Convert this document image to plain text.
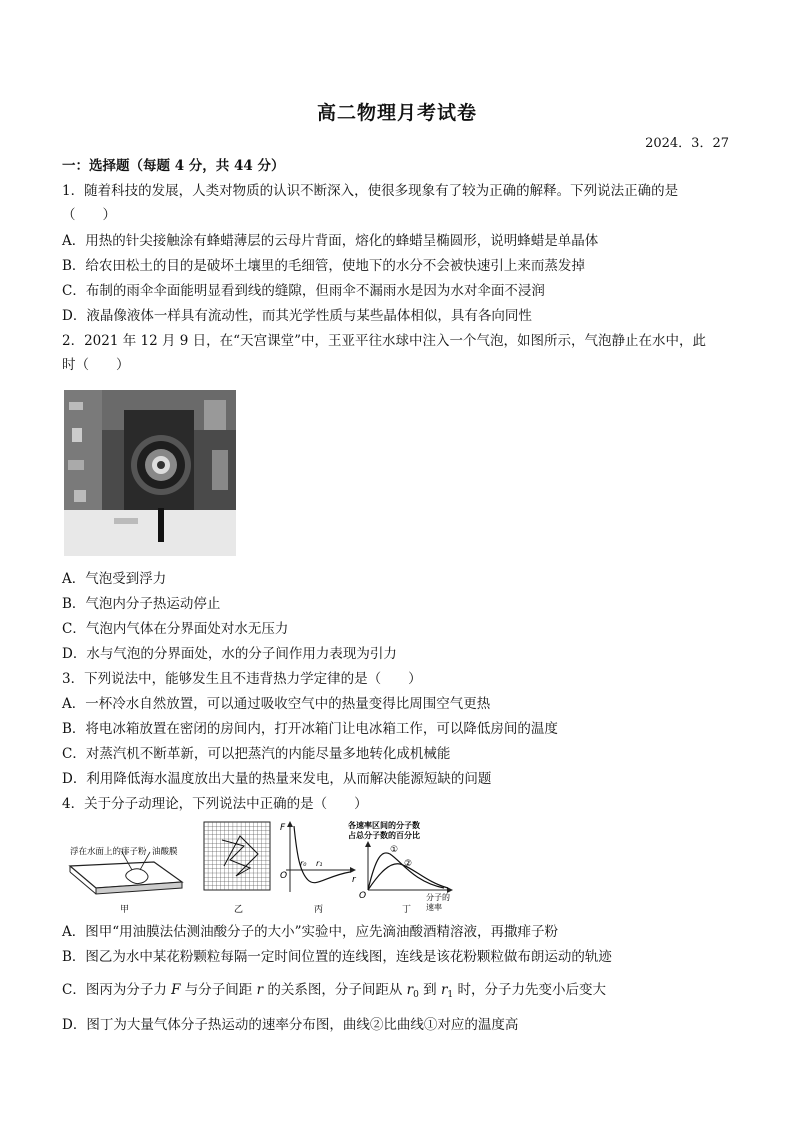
高二物理月考试卷
2024．3．27
一：选择题（每题 4 分，共 44 分）
1．随着科技的发展，人类对物质的认识不断深入，使很多现象有了较为正确的解释。下列说法正确的是
（　　）
A．用热的针尖接触涂有蜂蜡薄层的云母片背面，熔化的蜂蜡呈椭圆形，说明蜂蜡是单晶体
B．给农田松土的目的是破坏土壤里的毛细管，使地下的水分不会被快速引上来而蒸发掉
C．布制的雨伞伞面能明显看到线的缝隙，但雨伞不漏雨水是因为水对伞面不浸润
D．液晶像液体一样具有流动性，而其光学性质与某些晶体相似，具有各向同性
2．2021 年 12 月 9 日，在“天宫课堂”中，王亚平往水球中注入一个气泡，如图所示，气泡静止在水中，此
时（　　）
A．气泡受到浮力
B．气泡内分子热运动停止
C．气泡内气体在分界面处对水无压力
D．水与气泡的分界面处，水的分子间作用力表现为引力
3．下列说法中，能够发生且不违背热力学定律的是（　　）
A．一杯冷水自然放置，可以通过吸收空气中的热量变得比周围空气更热
B．将电冰箱放置在密闭的房间内，打开冰箱门让电冰箱工作，可以降低房间的温度
C．对蒸汽机不断革新，可以把蒸汽的内能尽量多地转化成机械能
D．利用降低海水温度放出大量的热量来发电，从而解决能源短缺的问题
4．关于分子动理论，下列说法中正确的是（　　）
浮在水面上的痱子粉 油酸膜
甲	乙
F
O
r₀ r₁
r
丙
各速率区间的分子数
占总分子数的百分比
①
②
O	分子的
速率
丁
A．图甲“用油膜法估测油酸分子的大小”实验中，应先滴油酸酒精溶液，再撒痱子粉
B．图乙为水中某花粉颗粒每隔一定时间位置的连线图，连线是该花粉颗粒做布朗运动的轨迹
C．图丙为分子力 F 与分子间距 r 的关系图，分子间距从 $r_0$ 到 $r_1$ 时，分子力先变小后变大
D．图丁为大量气体分子热运动的速率分布图，曲线②比曲线①对应的温度高
